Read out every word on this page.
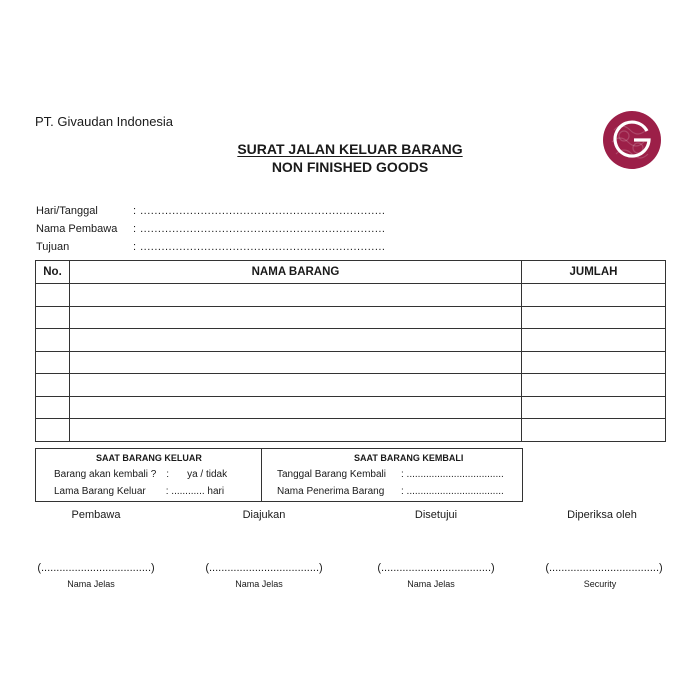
PT. Givaudan Indonesia
SURAT JALAN KELUAR BARANG
NON FINISHED GOODS
Hari/Tanggal	: .....................................................................
Nama Pembawa : .....................................................................
Tujuan	: .....................................................................
No.	NAMA BARANG	JUMLAH

SAAT BARANG KELUAR
Barang akan kembali ? : ya / tidak
Lama Barang Keluar : ............ hari
SAAT BARANG KEMBALI
Tanggal Barang Kembali : ...................................
Nama Penerima Barang : ...................................
Pembawa	Diajukan	Disetujui	Diperiksa oleh
(....................................)	(....................................)	(....................................)	(....................................)
Nama Jelas	Nama Jelas	Nama Jelas	Security
